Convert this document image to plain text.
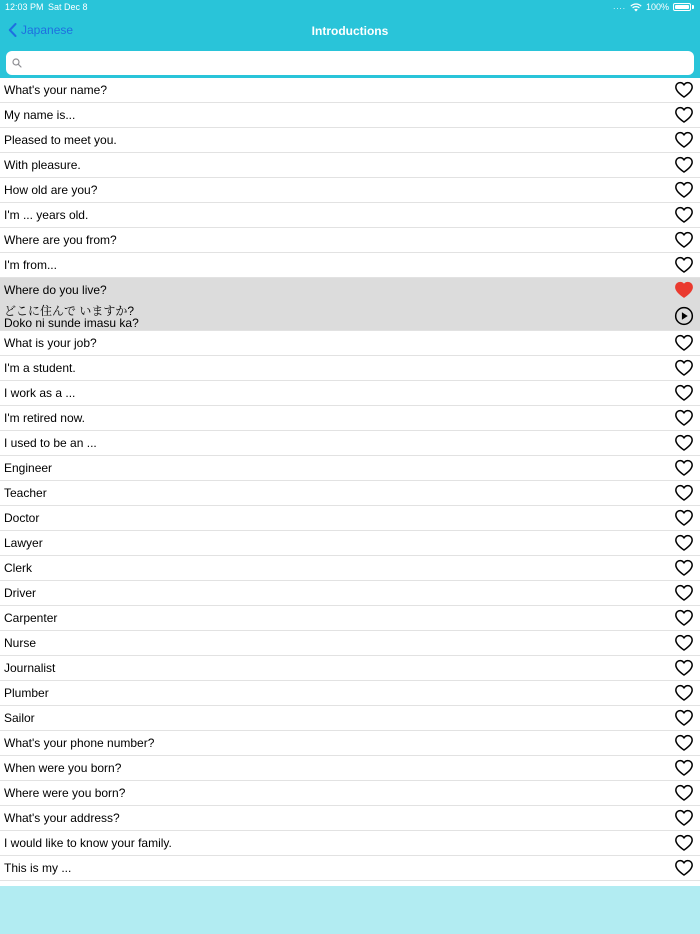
12:03 PM Sat Dec 8	.... 100%
Japanese	Introductions
What's your name?
My name is...
Pleased to meet you.
With pleasure.
How old are you?
I'm ... years old.
Where are you from?
I'm from...
Where do you live?
どこに住んで いますか?
Doko ni sunde imasu ka?
What is your job?
I'm a student.
I work as a ...
I'm retired now.
I used to be an ...
Engineer
Teacher
Doctor
Lawyer
Clerk
Driver
Carpenter
Nurse
Journalist
Plumber
Sailor
What's your phone number?
When were you born?
Where were you born?
What's your address?
I would like to know your family.
This is my ...
